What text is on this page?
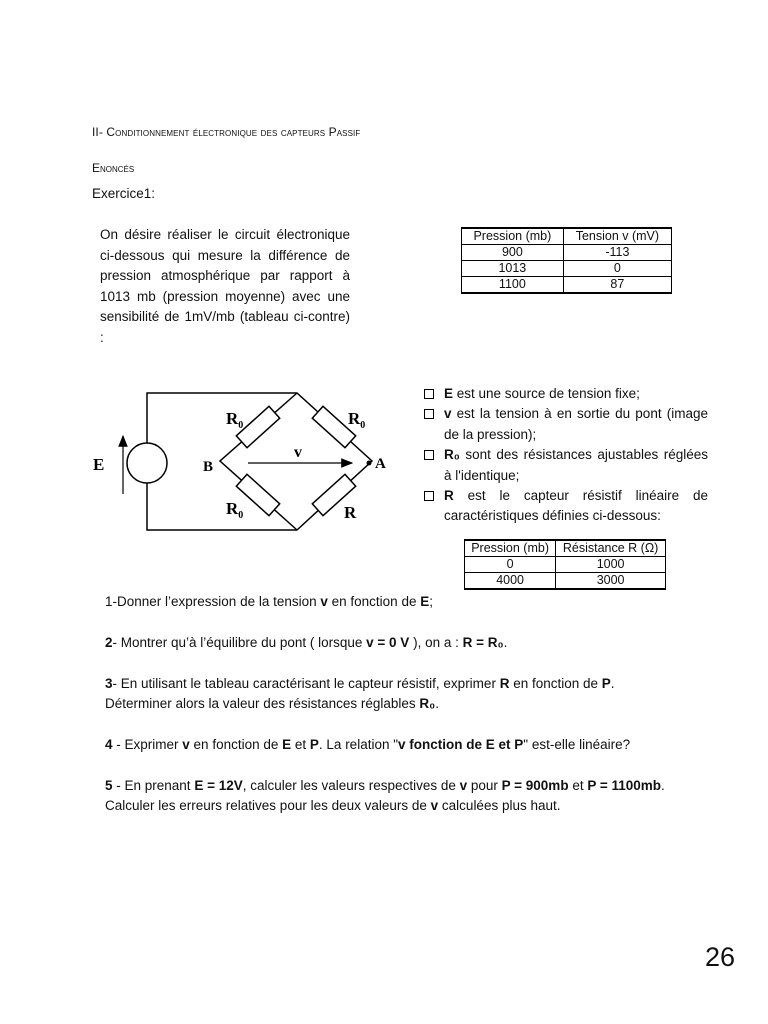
II- Conditionnement électronique des capteurs Passif
Enoncés
Exercice1:
On désire réaliser le circuit électronique ci-dessous qui mesure la différence de pression atmosphérique par rapport à 1013 mb (pression moyenne) avec une sensibilité de 1mV/mb (tableau ci-contre) :
Pression (mb)	Tension v (mV)
900	-113
1013	0
1100	87
E	B	A
v
$R_0$	$R_0$
$R_0$	R
E est une source de tension fixe;
v est la tension à en sortie du pont (image de la pression);
R₀ sont des résistances ajustables réglées à l'identique;
R est le capteur résistif linéaire de caractéristiques définies ci-dessous:
Pression (mb)	Résistance R (Ω)
0	1000
4000	3000
1-Donner l’expression de la tension v en fonction de E;
2- Montrer qu’à l’équilibre du pont ( lorsque v = 0 V ), on a : R = R₀.
3- En utilisant le tableau caractérisant le capteur résistif, exprimer R en fonction de P.
Déterminer alors la valeur des résistances réglables R₀.
4 - Exprimer v en fonction de E et P. La relation "v fonction de E et P" est-elle linéaire?
5 - En prenant E = 12V, calculer les valeurs respectives de v pour P = 900mb et P = 1100mb.
Calculer les erreurs relatives pour les deux valeurs de v calculées plus haut.
26
